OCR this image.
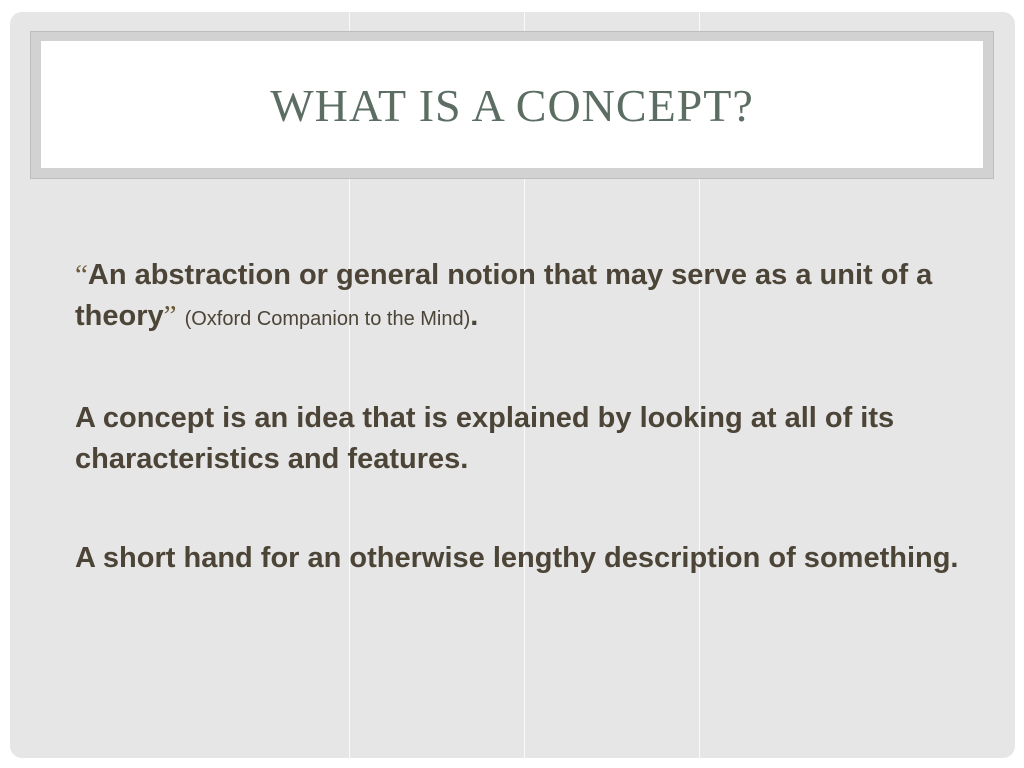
WHAT IS A CONCEPT?

“An abstraction or general notion that may serve as a unit of a theory” (Oxford Companion to the Mind).

A concept is an idea that is explained by looking at all of its characteristics and features.

A short hand for an otherwise lengthy description of something.
